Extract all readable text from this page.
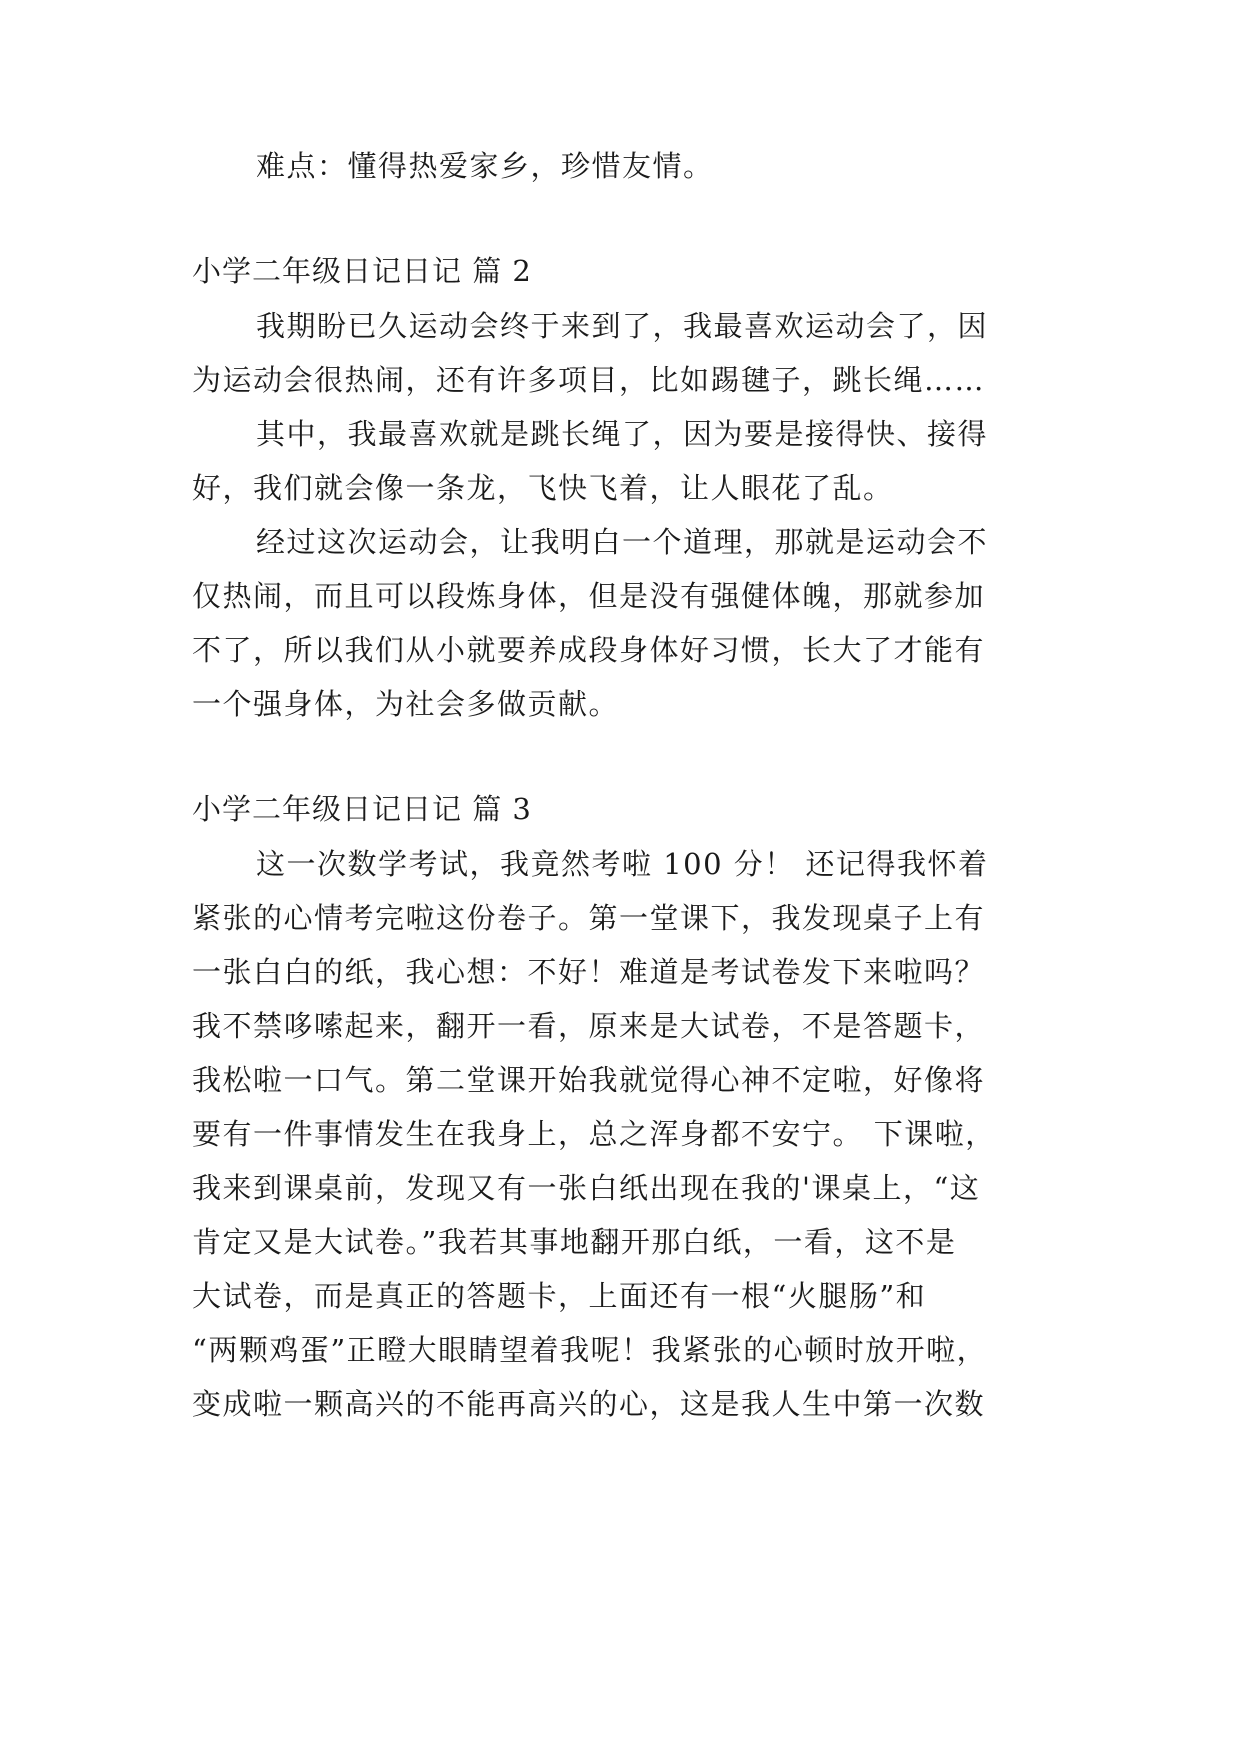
难点：懂得热爱家乡，珍惜友情。
小学二年级日记日记 篇 2
我期盼已久运动会终于来到了，我最喜欢运动会了，因
为运动会很热闹，还有许多项目，比如踢毽子，跳长绳……
其中，我最喜欢就是跳长绳了，因为要是接得快、接得
好，我们就会像一条龙，飞快飞着，让人眼花了乱。
经过这次运动会，让我明白一个道理，那就是运动会不
仅热闹，而且可以段炼身体，但是没有强健体魄，那就参加
不了，所以我们从小就要养成段身体好习惯，长大了才能有
一个强身体，为社会多做贡献。
小学二年级日记日记 篇 3
这一次数学考试，我竟然考啦 100 分！ 还记得我怀着
紧张的心情考完啦这份卷子。第一堂课下，我发现桌子上有
一张白白的纸，我心想：不好！难道是考试卷发下来啦吗？
我不禁哆嗦起来，翻开一看，原来是大试卷，不是答题卡，
我松啦一口气。第二堂课开始我就觉得心神不定啦，好像将
要有一件事情发生在我身上，总之浑身都不安宁。 下课啦，
我来到课桌前，发现又有一张白纸出现在我的'课桌上，“这
肯定又是大试卷。”我若其事地翻开那白纸，一看，这不是
大试卷，而是真正的答题卡，上面还有一根“火腿肠”和
“两颗鸡蛋”正瞪大眼睛望着我呢！我紧张的心顿时放开啦，
变成啦一颗高兴的不能再高兴的心，这是我人生中第一次数
